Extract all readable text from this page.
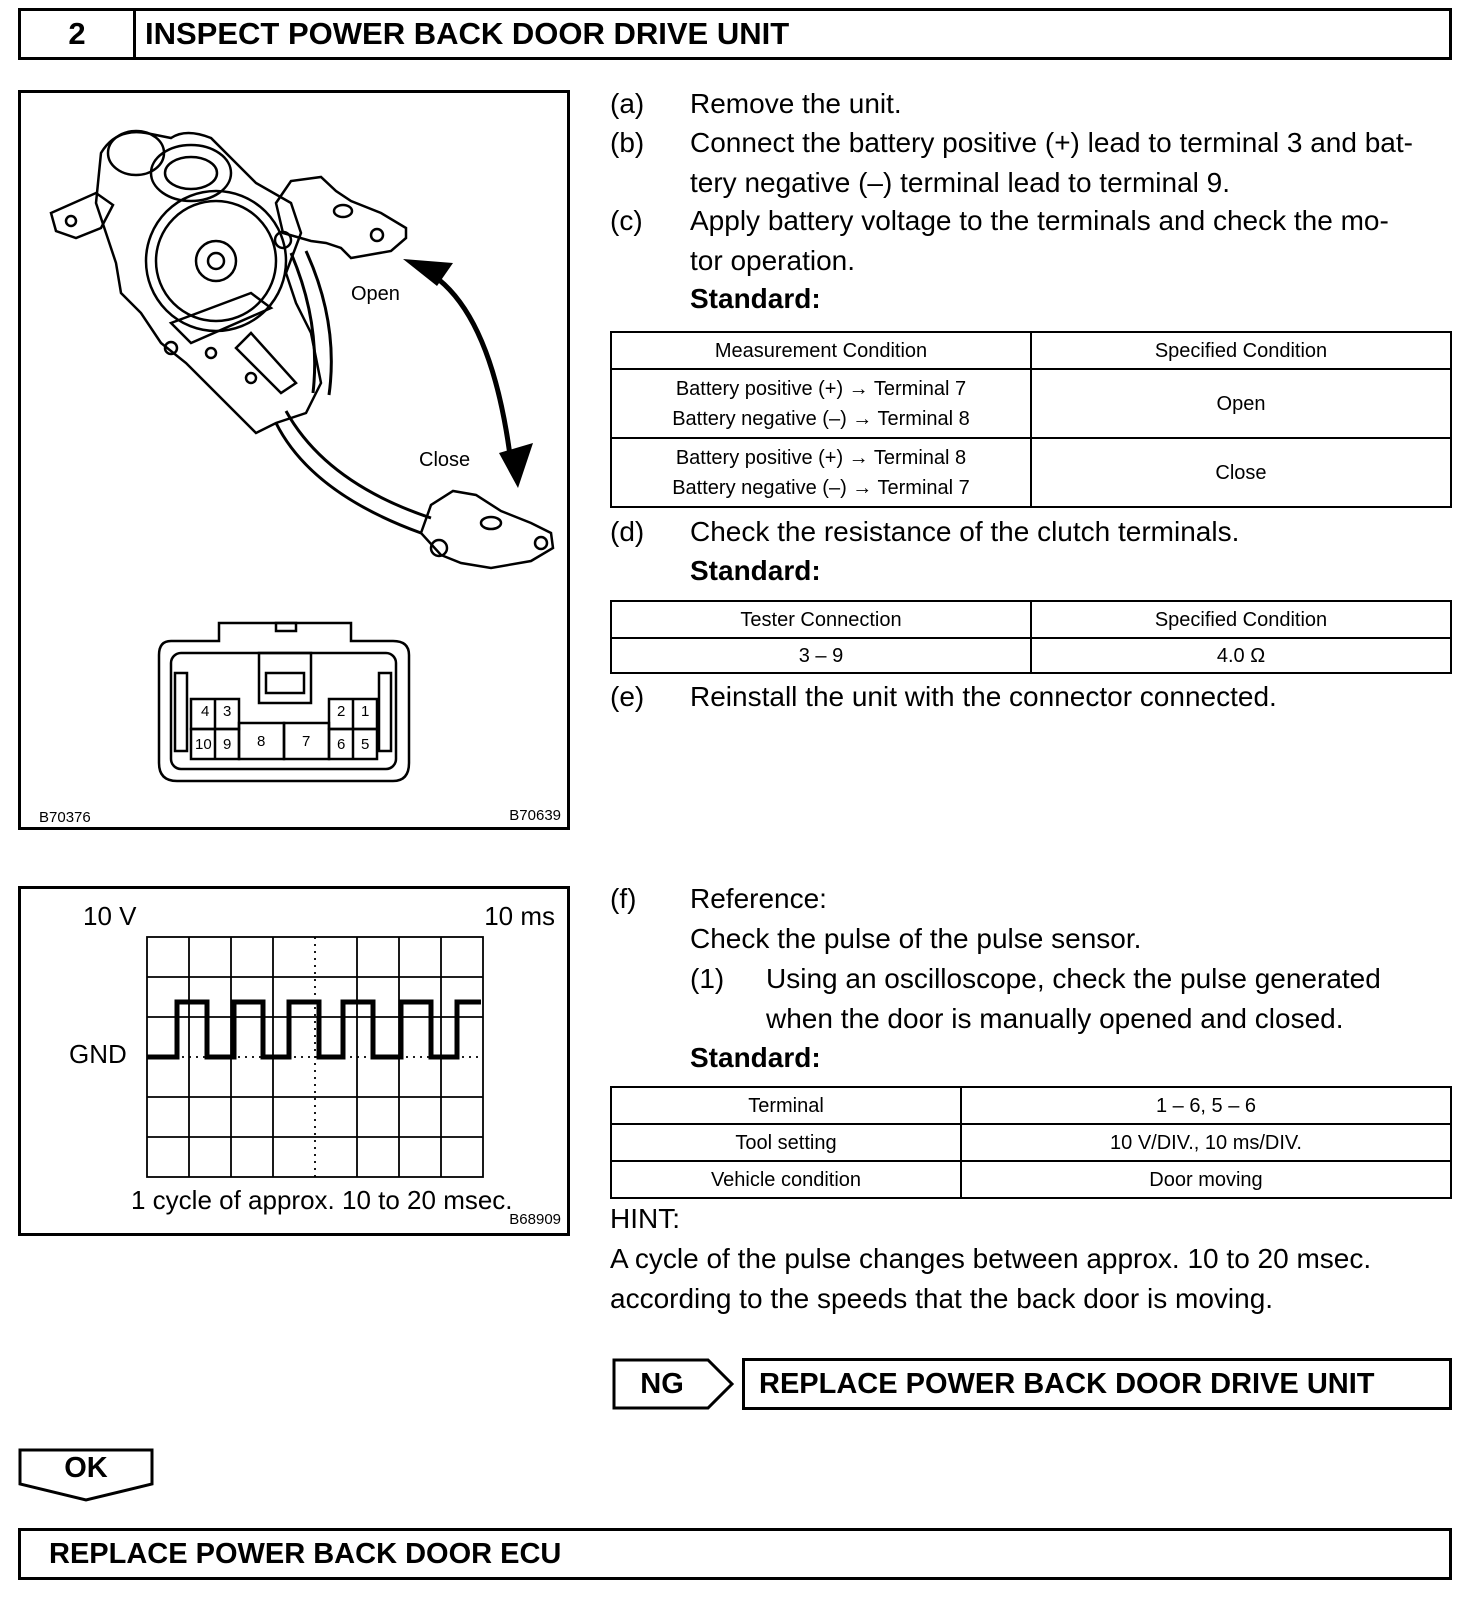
2	INSPECT POWER BACK DOOR DRIVE UNIT
Open
Close
4 3	2 1
10 9 8 7 6 5
B70376	B70639
(a) Remove the unit.
(b) Connect the battery positive (+) lead to terminal 3 and bat-
tery negative (–) terminal lead to terminal 9.
(c) Apply battery voltage to the terminals and check the mo-
tor operation.
Standard:
Measurement Condition	Specified Condition

Battery positive (+) → Terminal 7
Battery negative (–) → Terminal 8	Open

Battery positive (+) → Terminal 8
Battery negative (–) → Terminal 7	Close
(d) Check the resistance of the clutch terminals.
Standard:
Tester Connection	Specified Condition
3 – 9	4.0 Ω
(e) Reinstall the unit with the connector connected.
10 V	10 ms
GND
1 cycle of approx. 10 to 20 msec.
B68909
(f) Reference:
Check the pulse of the pulse sensor.
(1) Using an oscilloscope, check the pulse generated
when the door is manually opened and closed.
Standard:
Terminal	1 – 6, 5 – 6
Tool setting	10 V/DIV., 10 ms/DIV.
Vehicle condition	Door moving
HINT:
A cycle of the pulse changes between approx. 10 to 20 msec.
according to the speeds that the back door is moving.
NG	REPLACE POWER BACK DOOR DRIVE UNIT
OK
REPLACE POWER BACK DOOR ECU
